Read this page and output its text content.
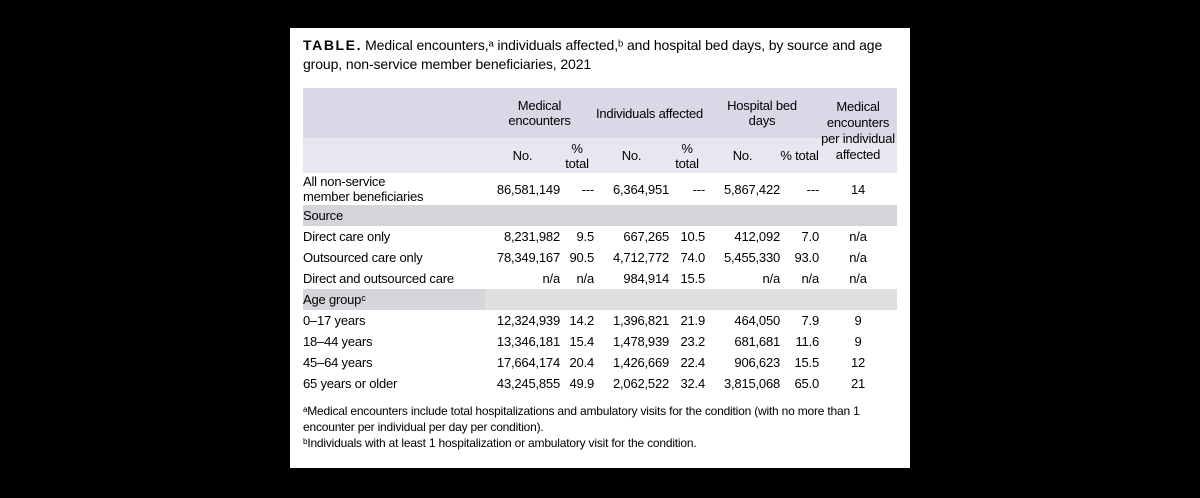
TABLE. Medical encounters,ᵃ individuals affected,ᵇ and hospital bed days, by source and age group, non-service member beneficiaries, 2021
	Medical encounters		Individuals affected		Hospital bed days		Medical encounters per individual affected

	No.	% total	No.	% total	No.	% total	

All non-service member beneficiaries	86,581,149	---	6,364,951	---	5,867,422	---	14
Source							
Direct care only	8,231,982	9.5	667,265	10.5	412,092	7.0	n/a
Outsourced care only	78,349,167	90.5	4,712,772	74.0	5,455,330	93.0	n/a
Direct and outsourced care	n/a	n/a	984,914	15.5	n/a	n/a	n/a
Age groupᶜ							
0–17 years	12,324,939	14.2	1,396,821	21.9	464,050	7.9	9
18–44 years	13,346,181	15.4	1,478,939	23.2	681,681	11.6	9
45–64 years	17,664,174	20.4	1,426,669	22.4	906,623	15.5	12
65 years or older	43,245,855	49.9	2,062,522	32.4	3,815,068	65.0	21
ᵃMedical encounters include total hospitalizations and ambulatory visits for the condition (with no more than 1 encounter per individual per day per condition).
ᵇIndividuals with at least 1 hospitalization or ambulatory visit for the condition.
